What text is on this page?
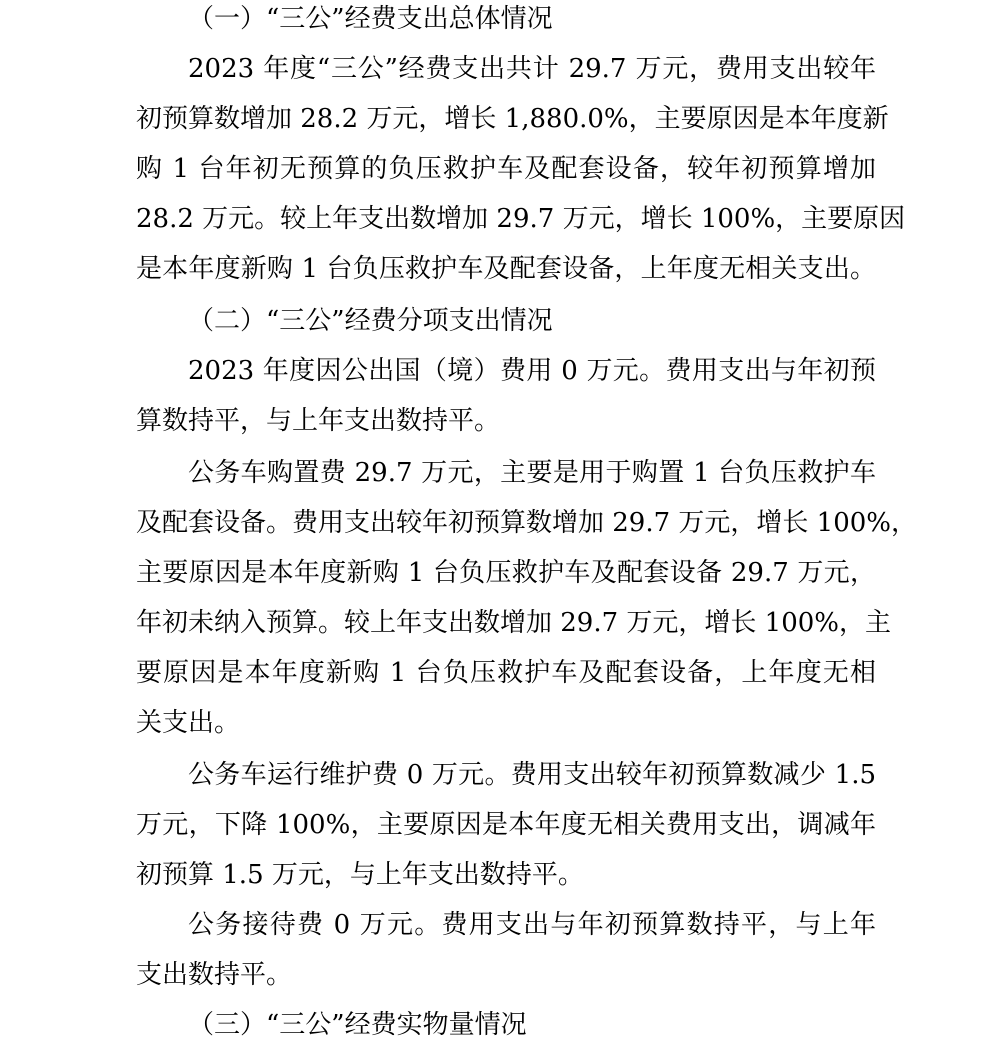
（一）“三公”经费支出总体情况
2023 年度“三公”经费支出共计 29.7 万元，费用支出较年
初预算数增加 28.2 万元，增长 1,880.0%，主要原因是本年度新
购 1 台年初无预算的负压救护车及配套设备，较年初预算增加
28.2 万元。较上年支出数增加 29.7 万元，增长 100%，主要原因
是本年度新购 1 台负压救护车及配套设备，上年度无相关支出。
（二）“三公”经费分项支出情况
2023 年度因公出国（境）费用 0 万元。费用支出与年初预
算数持平，与上年支出数持平。
公务车购置费 29.7 万元，主要是用于购置 1 台负压救护车
及配套设备。费用支出较年初预算数增加 29.7 万元，增长 100%，
主要原因是本年度新购 1 台负压救护车及配套设备 29.7 万元，
年初未纳入预算。较上年支出数增加 29.7 万元，增长 100%，主
要原因是本年度新购 1 台负压救护车及配套设备，上年度无相
关支出。
公务车运行维护费 0 万元。费用支出较年初预算数减少 1.5
万元，下降 100%，主要原因是本年度无相关费用支出，调减年
初预算 1.5 万元，与上年支出数持平。
公务接待费 0 万元。费用支出与年初预算数持平，与上年
支出数持平。
（三）“三公”经费实物量情况
